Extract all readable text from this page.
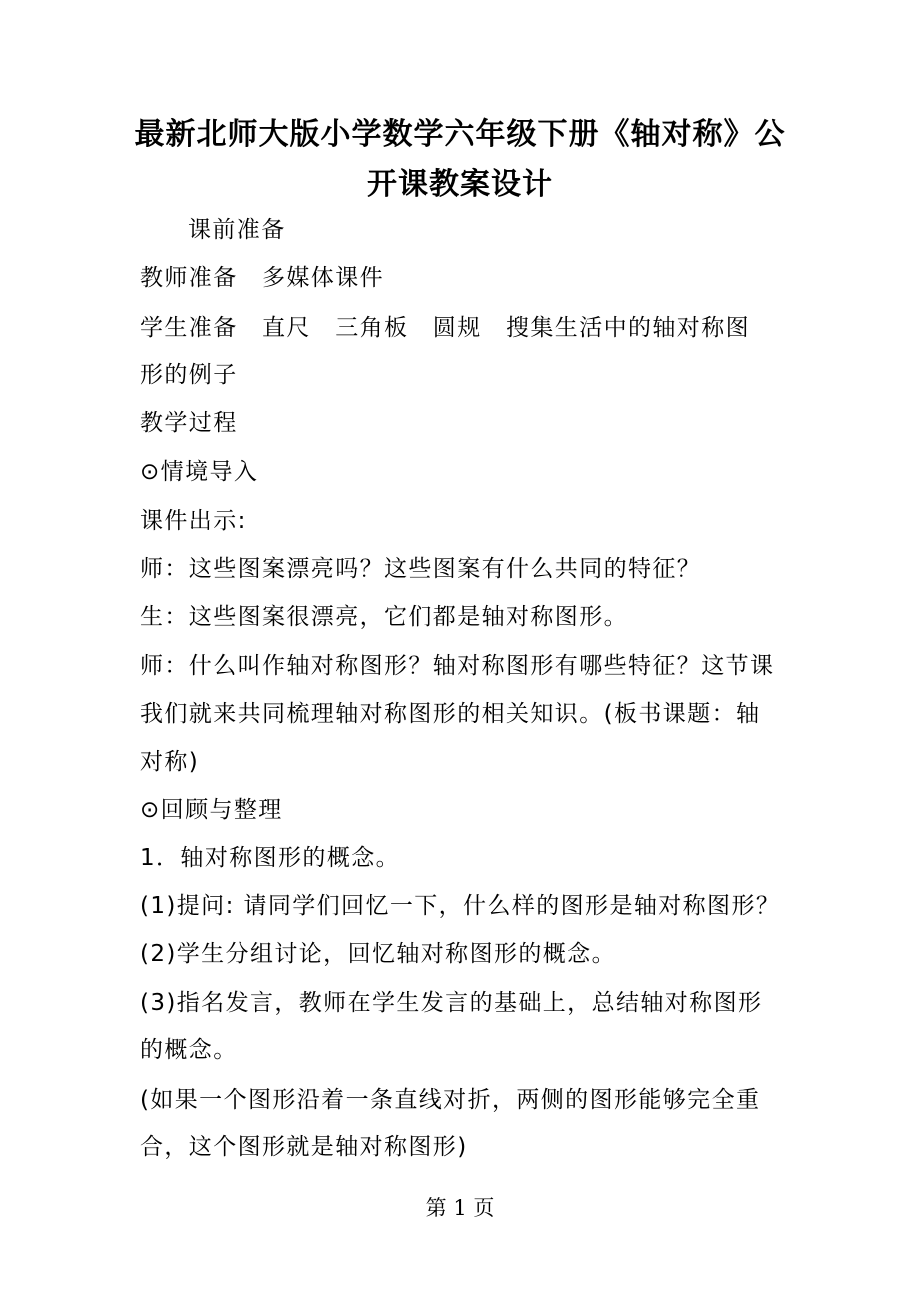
最新北师大版小学数学六年级下册《轴对称》公
开课教案设计
课前准备
教师准备　多媒体课件
学生准备　直尺　三角板　圆规　搜集生活中的轴对称图
形的例子
教学过程
⊙情境导入
课件出示:
师：这些图案漂亮吗？这些图案有什么共同的特征？
生：这些图案很漂亮，它们都是轴对称图形。
师：什么叫作轴对称图形？轴对称图形有哪些特征？这节课
我们就来共同梳理轴对称图形的相关知识。(板书课题：轴
对称)
⊙回顾与整理
1．轴对称图形的概念。
(1)提问: 请同学们回忆一下，什么样的图形是轴对称图形？
(2)学生分组讨论，回忆轴对称图形的概念。
(3)指名发言，教师在学生发言的基础上，总结轴对称图形
的概念。
(如果一个图形沿着一条直线对折，两侧的图形能够完全重
合，这个图形就是轴对称图形)
第 1 页
